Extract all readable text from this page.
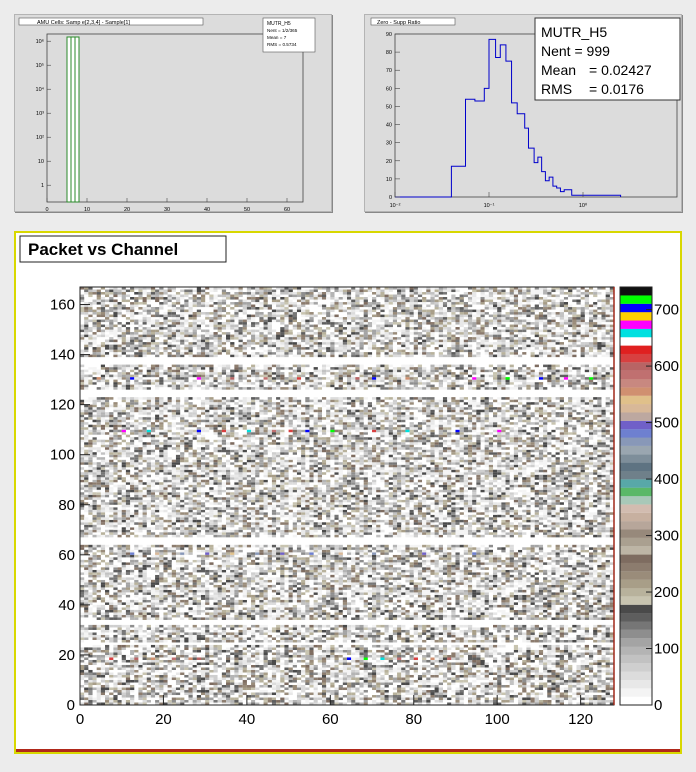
AMU Cells: Samp e[2,3,4] - Sample[1]
0	10	20	30	40	50	60
1
10
10²
10³
10⁴
10⁵
10⁶
MUTR_H5
Nent = 1/2/365
Mean = 7
RMS = 0.5734
Zero - Supp Ratio
0
10
20
30
40
50
60
70
80
90
10⁻²	10⁻¹	10⁰
MUTR_H5
Nent = 999
Mean = 0.02427
RMS = 0.0176
Packet vs Channel
0	20	40	60	80	100	120
0
20
40
60
80
100
120
140
160
0
100
200
300
400
500
600
700
